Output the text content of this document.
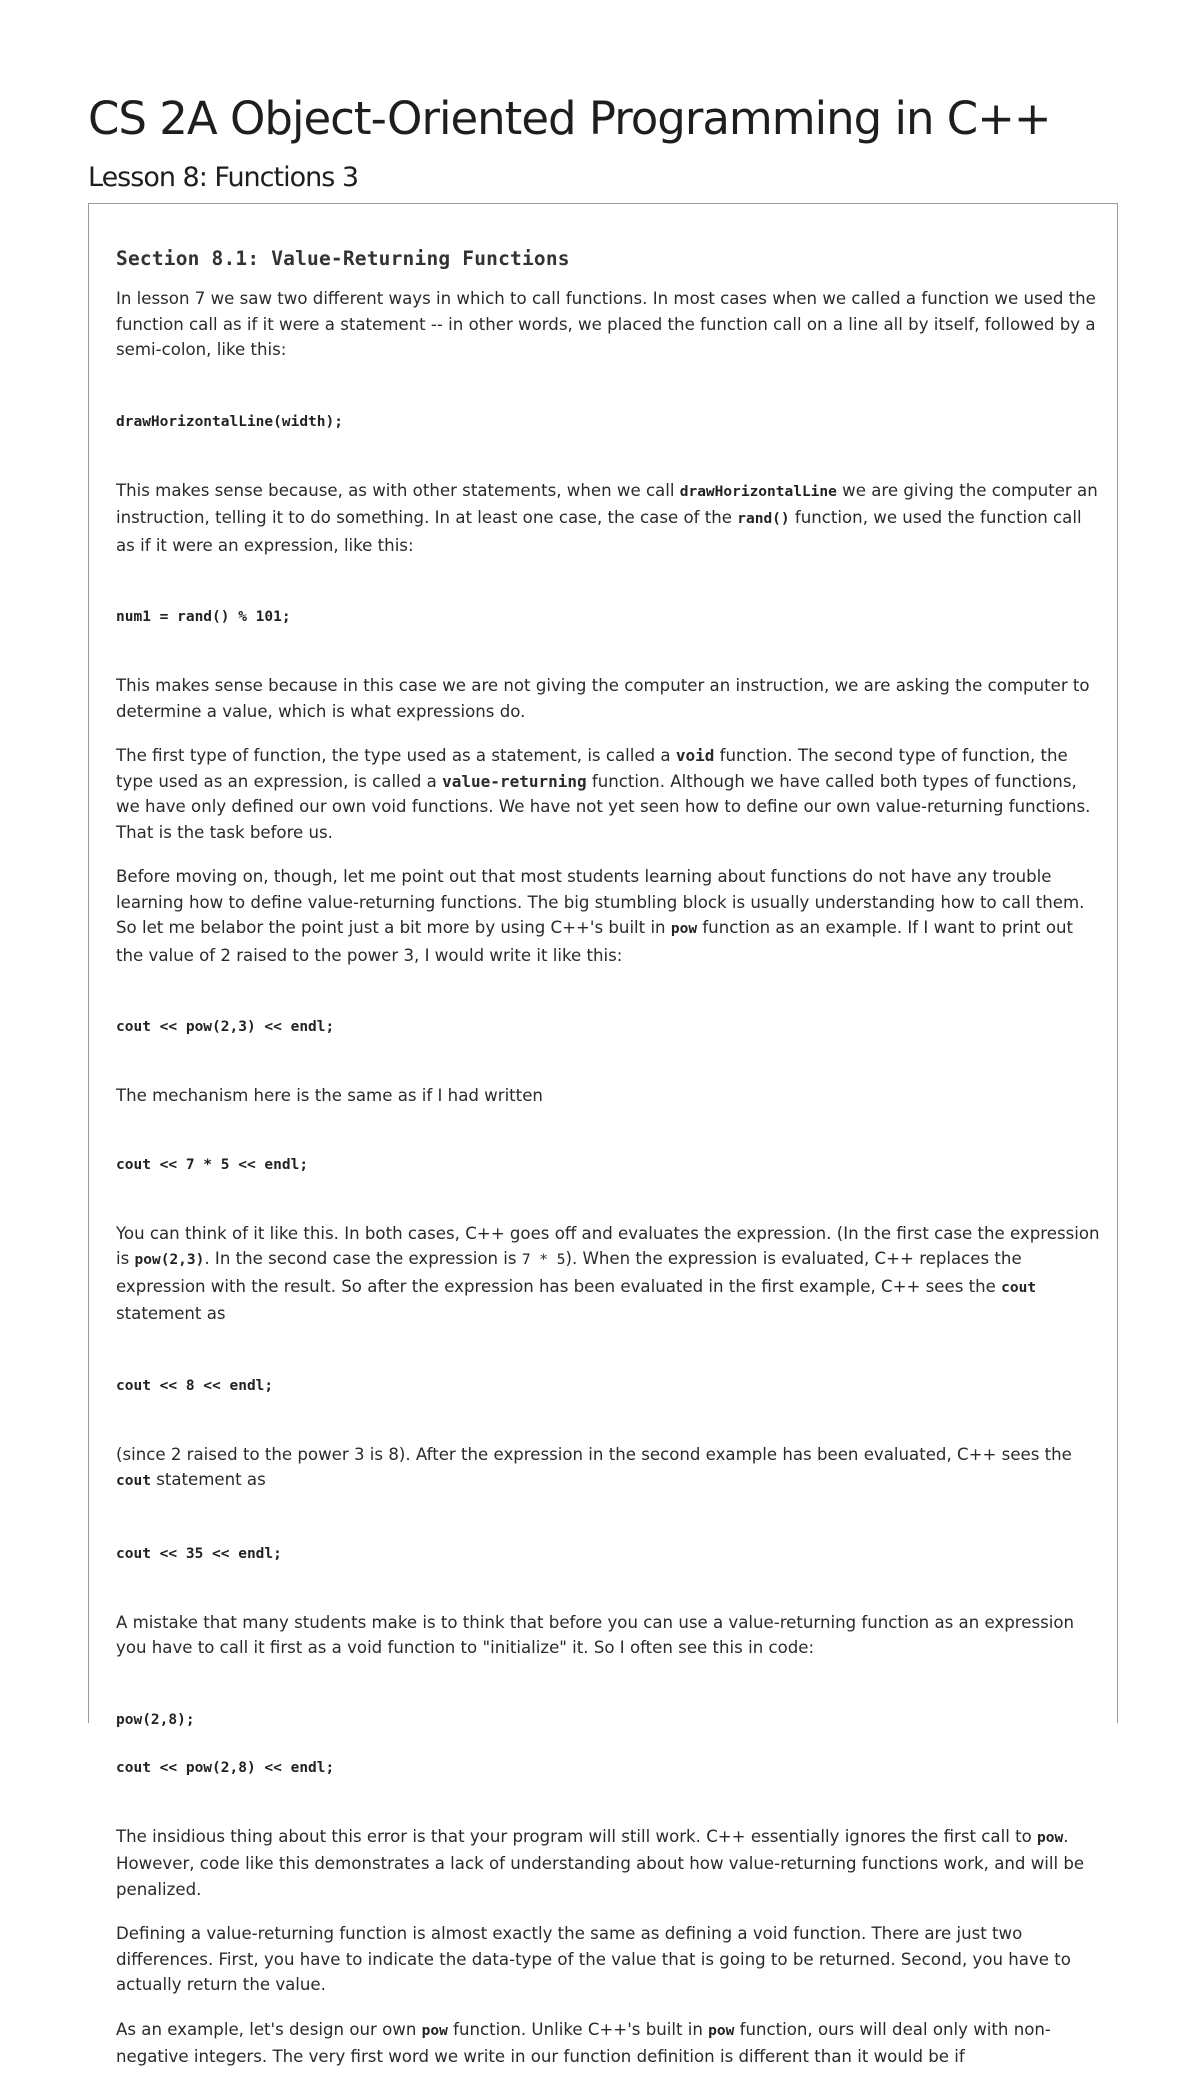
CS 2A Object-Oriented Programming in C++
Lesson 8: Functions 3
Section 8.1: Value-Returning Functions

In lesson 7 we saw two different ways in which to call functions. In most cases when we called a function we used the function call as if it were a statement -- in other words, we placed the function call on a line all by itself, followed by a semi-colon, like this:

drawHorizontalLine(width);

This makes sense because, as with other statements, when we call drawHorizontalLine we are giving the computer an instruction, telling it to do something. In at least one case, the case of the rand() function, we used the function call as if it were an expression, like this:

num1 = rand() % 101;

This makes sense because in this case we are not giving the computer an instruction, we are asking the computer to determine a value, which is what expressions do.

The first type of function, the type used as a statement, is called a void function. The second type of function, the type used as an expression, is called a value-returning function. Although we have called both types of functions, we have only defined our own void functions. We have not yet seen how to define our own value-returning functions. That is the task before us.

Before moving on, though, let me point out that most students learning about functions do not have any trouble learning how to define value-returning functions. The big stumbling block is usually understanding how to call them. So let me belabor the point just a bit more by using C++'s built in pow function as an example. If I want to print out the value of 2 raised to the power 3, I would write it like this:

cout << pow(2,3) << endl;

The mechanism here is the same as if I had written

cout << 7 * 5 << endl;

You can think of it like this. In both cases, C++ goes off and evaluates the expression. (In the first case the expression is pow(2,3). In the second case the expression is 7 * 5). When the expression is evaluated, C++ replaces the expression with the result. So after the expression has been evaluated in the first example, C++ sees the cout statement as

cout << 8 << endl;

(since 2 raised to the power 3 is 8). After the expression in the second example has been evaluated, C++ sees the cout statement as

cout << 35 << endl;

A mistake that many students make is to think that before you can use a value-returning function as an expression you have to call it first as a void function to "initialize" it. So I often see this in code:

pow(2,8);

cout << pow(2,8) << endl;

The insidious thing about this error is that your program will still work. C++ essentially ignores the first call to pow. However, code like this demonstrates a lack of understanding about how value-returning functions work, and will be penalized.

Defining a value-returning function is almost exactly the same as defining a void function. There are just two differences. First, you have to indicate the data-type of the value that is going to be returned. Second, you have to actually return the value.

As an example, let's design our own pow function. Unlike C++'s built in pow function, ours will deal only with non-negative integers. The very first word we write in our function definition is different than it would be if
